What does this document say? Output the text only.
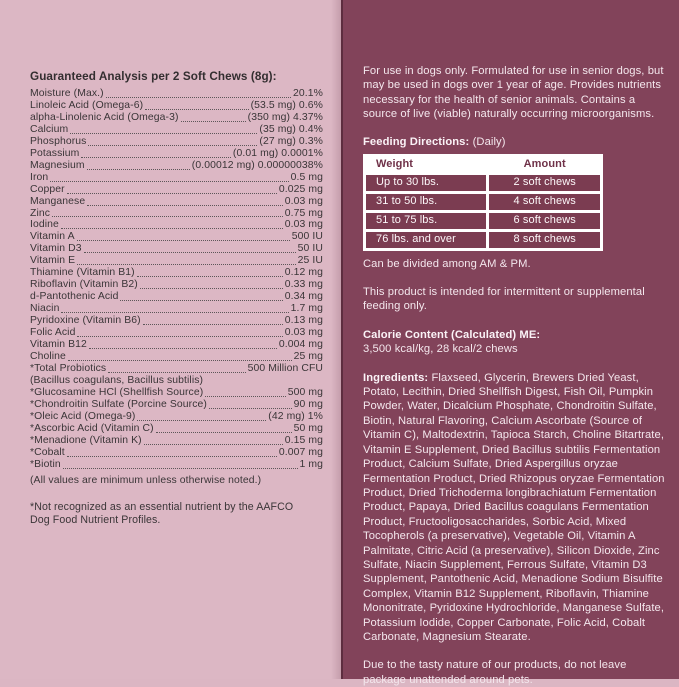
Guaranteed Analysis per 2 Soft Chews (8g):
Moisture (Max.)	20.1%
Linoleic Acid (Omega-6)	(53.5 mg) 0.6%
alpha-Linolenic Acid (Omega-3)	(350 mg) 4.37%
Calcium	(35 mg) 0.4%
Phosphorus	(27 mg) 0.3%
Potassium	(0.01 mg) 0.0001%
Magnesium	(0.00012 mg) 0.00000038%
Iron	0.5 mg
Copper	0.025 mg
Manganese	0.03 mg
Zinc	0.75 mg
Iodine	0.03 mg
Vitamin A	500 IU
Vitamin D3	50 IU
Vitamin E	25 IU
Thiamine (Vitamin B1)	0.12 mg
Riboflavin (Vitamin B2)	0.33 mg
d-Pantothenic Acid	0.34 mg
Niacin	1.7 mg
Pyridoxine (Vitamin B6)	0.13 mg
Folic Acid	0.03 mg
Vitamin B12	0.004 mg
Choline	25 mg
*Total Probiotics	500 Million CFU
(Bacillus coagulans, Bacillus subtilis)
*Glucosamine HCl (Shellfish Source)	500 mg
*Chondroitin Sulfate (Porcine Source)	90 mg
*Oleic Acid (Omega-9)	(42 mg) 1%
*Ascorbic Acid (Vitamin C)	50 mg
*Menadione (Vitamin K)	0.15 mg
*Cobalt	0.007 mg
*Biotin	1 mg
(All values are minimum unless otherwise noted.)
*Not recognized as an essential nutrient by the AAFCO Dog Food Nutrient Profiles.

For use in dogs only. Formulated for use in senior dogs, but may be used in dogs over 1 year of age. Provides nutrients necessary for the health of senior animals. Contains a source of live (viable) naturally occurring microorganisms.

Feeding Directions: (Daily)
Weight	Amount
Up to 30 lbs.	2 soft chews
31 to 50 lbs.	4 soft chews
51 to 75 lbs.	6 soft chews
76 lbs. and over	8 soft chews

Can be divided among AM & PM.

This product is intended for intermittent or supplemental feeding only.

Calorie Content (Calculated) ME:

3,500 kcal/kg, 28 kcal/2 chews

Ingredients: Flaxseed, Glycerin, Brewers Dried Yeast, Potato, Lecithin, Dried Shellfish Digest, Fish Oil, Pumpkin Powder, Water, Dicalcium Phosphate, Chondroitin Sulfate, Biotin, Natural Flavoring, Calcium Ascorbate (Source of Vitamin C), Maltodextrin, Tapioca Starch, Choline Bitartrate, Vitamin E Supplement, Dried Bacillus subtilis Fermentation Product, Calcium Sulfate, Dried Aspergillus oryzae Fermentation Product, Dried Rhizopus oryzae Fermentation Product, Dried Trichoderma longibrachiatum Fermentation Product, Papaya, Dried Bacillus coagulans Fermentation Product, Fructooligosaccharides, Sorbic Acid, Mixed Tocopherols (a preservative), Vegetable Oil, Vitamin A Palmitate, Citric Acid (a preservative), Silicon Dioxide, Zinc Sulfate, Niacin Supplement, Ferrous Sulfate, Vitamin D3 Supplement, Pantothenic Acid, Menadione Sodium Bisulfite Complex, Vitamin B12 Supplement, Riboflavin, Thiamine Mononitrate, Pyridoxine Hydrochloride, Manganese Sulfate, Potassium Iodide, Copper Carbonate, Folic Acid, Cobalt Carbonate, Magnesium Stearate.

Due to the tasty nature of our products, do not leave package unattended around pets.
